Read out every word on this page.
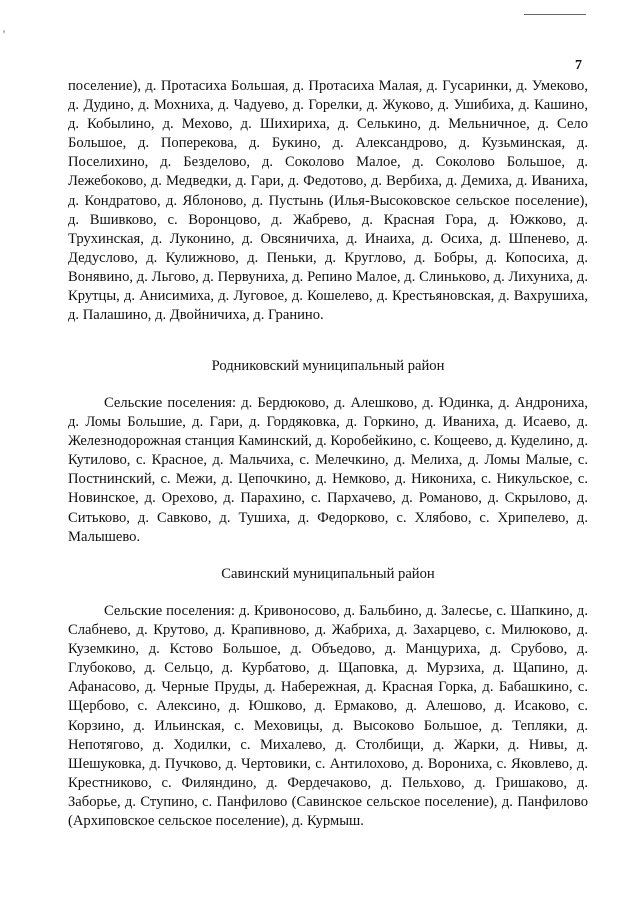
'
7

поселение), д. Протасиха Большая, д. Протасиха Малая, д. Гусаринки, д. Умеково, д. Дудино, д. Мохниха, д. Чадуево, д. Горелки, д. Жуково, д. Ушибиха, д. Кашино, д. Кобылино, д. Мехово, д. Шихириха, д. Селькино, д. Мельничное, д. Село Большое, д. Поперекова, д. Букино, д. Александрово, д. Кузьминская, д. Поселихино, д. Безделово, д. Соколово Малое, д. Соколово Большое, д. Лежебоково, д. Медведки, д. Гари, д. Федотово, д. Вербиха, д. Демиха, д. Иваниха, д. Кондратово, д. Яблоново, д. Пустынь (Илья-Высоковское сельское поселение), д. Вшивково, с. Воронцово, д. Жабрево, д. Красная Гора, д. Южково, д. Трухинская, д. Луконино, д. Овсяничиха, д. Инаиха, д. Осиха, д. Шпенево, д. Дедуслово, д. Кулижново, д. Пеньки, д. Круглово, д. Бобры, д. Копосиха, д. Вонявино, д. Льгово, д. Первуниха, д. Репино Малое, д. Слиньково, д. Лихуниха, д. Крутцы, д. Анисимиха, д. Луговое, д. Кошелево, д. Крестьяновская, д. Вахрушиха, д. Палашино, д. Двойничиха, д. Гранино.

Родниковский муниципальный район

Сельские поселения: д. Бердюково, д. Алешково, д. Юдинка, д. Андрониха, д. Ломы Большие, д. Гари, д. Гордяковка, д. Горкино, д. Иваниха, д. Исаево, д. Железнодорожная станция Каминский, д. Коробейкино, с. Кощеево, д. Куделино, д. Кутилово, с. Красное, д. Мальчиха, с. Мелечкино, д. Мелиха, д. Ломы Малые, с. Постнинский, с. Межи, д. Цепочкино, д. Немково, д. Никониха, с. Никульское, с. Новинское, д. Орехово, д. Парахино, с. Пархачево, д. Романово, д. Скрылово, д. Ситьково, д. Савково, д. Тушиха, д. Федорково, с. Хлябово, с. Хрипелево, д. Малышево.

Савинский муниципальный район

Сельские поселения: д. Кривоносово, д. Бальбино, д. Залесье, с. Шапкино, д. Слабнево, д. Крутово, д. Крапивново, д. Жабриха, д. Захарцево, с. Милюково, д. Куземкино, д. Кстово Большое, д. Объедово, д. Манцуриха, д. Срубово, д. Глубоково, д. Сельцо, д. Курбатово, д. Щаповка, д. Мурзиха, д. Щапино, д. Афанасово, д. Черные Пруды, д. Набережная, д. Красная Горка, д. Бабашкино, с. Щербово, с. Алексино, д. Юшково, д. Ермаково, д. Алешово, д. Исаково, с. Корзино, д. Ильинская, с. Меховицы, д. Высоково Большое, д. Тепляки, д. Непотягово, д. Ходилки, с. Михалево, д. Столбищи, д. Жарки, д. Нивы, д. Шешуковка, д. Пучково, д. Чертовики, с. Антилохово, д. Ворониха, с. Яковлево, д. Крестниково, с. Филяндино, д. Фердечаково, д. Пельхово, д. Гришаково, д. Заборье, д. Ступино, с. Панфилово (Савинское сельское поселение), д. Панфилово (Архиповское сельское поселение), д. Курмыш.
